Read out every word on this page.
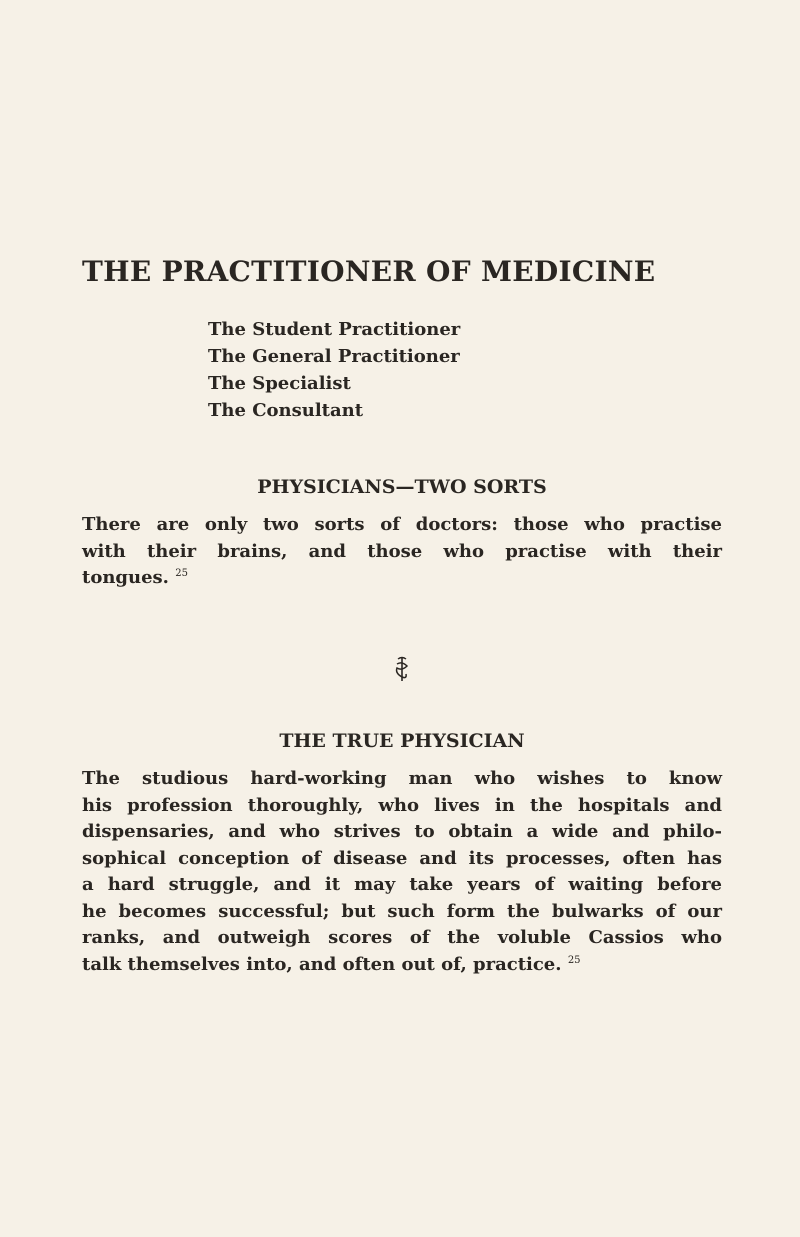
THE PRACTITIONER OF MEDICINE
The Student Practitioner
The General Practitioner
The Specialist
The Consultant
PHYSICIANS—TWO SORTS

There are only two sorts of doctors: those who practise
with their brains, and those who practise with their
tongues. $^{25}$

THE TRUE PHYSICIAN

The studious hard-working man who wishes to know
his profession thoroughly, who lives in the hospitals and
dispensaries, and who strives to obtain a wide and philo-
sophical conception of disease and its processes, often has
a hard struggle, and it may take years of waiting before
he becomes successful; but such form the bulwarks of our
ranks, and outweigh scores of the voluble Cassios who
talk themselves into, and often out of, practice. $^{25}$
